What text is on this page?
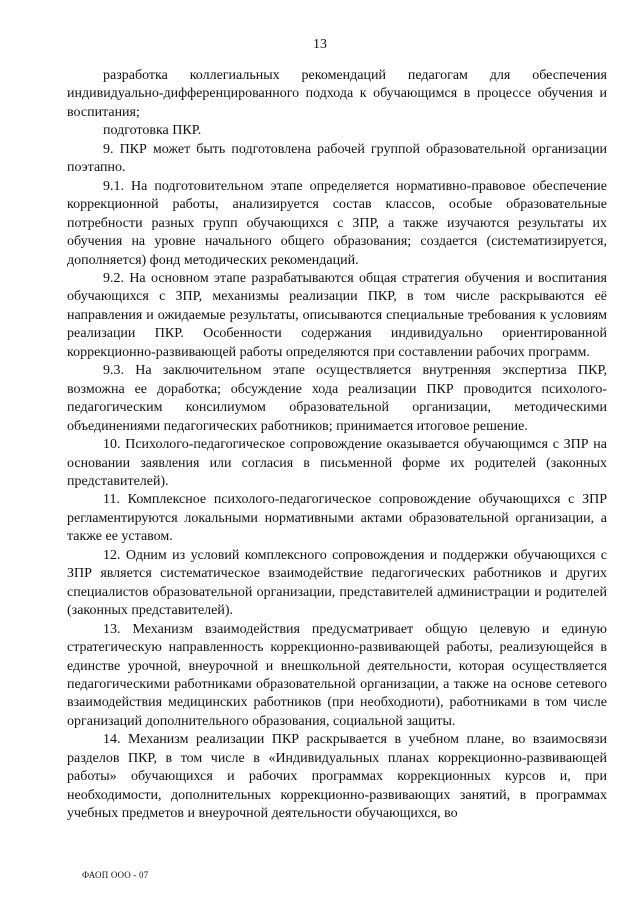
13

разработка коллегиальных рекомендаций педагогам для обеспечения индивидуально-дифференцированного подхода к обучающимся в процессе обучения и воспитания;

подготовка ПКР.

9. ПКР может быть подготовлена рабочей группой образовательной организации поэтапно.

9.1. На подготовительном этапе определяется нормативно-правовое обеспечение коррекционной работы, анализируется состав классов, особые образовательные потребности разных групп обучающихся с ЗПР, а также изучаются результаты их обучения на уровне начального общего образования; создается (систематизируется, дополняется) фонд методических рекомендаций.

9.2. На основном этапе разрабатываются общая стратегия обучения и воспитания обучающихся с ЗПР, механизмы реализации ПКР, в том числе раскрываются её направления и ожидаемые результаты, описываются специальные требования к условиям реализации ПКР. Особенности содержания индивидуально ориентированной коррекционно-развивающей работы определяются при составлении рабочих программ.

9.3. На заключительном этапе осуществляется внутренняя экспертиза ПКР, возможна ее доработка; обсуждение хода реализации ПКР проводится психолого-педагогическим консилиумом образовательной организации, методическими объединениями педагогических работников; принимается итоговое решение.

10. Психолого-педагогическое сопровождение оказывается обучающимся с ЗПР на основании заявления или согласия в письменной форме их родителей (законных представителей).

11. Комплексное психолого-педагогическое сопровождение обучающихся с ЗПР регламентируются локальными нормативными актами образовательной организации, а также ее уставом.

12. Одним из условий комплексного сопровождения и поддержки обучающихся с ЗПР является систематическое взаимодействие педагогических работников и других специалистов образовательной организации, представителей администрации и родителей (законных представителей).

13. Механизм взаимодействия предусматривает общую целевую и единую стратегическую направленность коррекционно-развивающей работы, реализующейся в единстве урочной, внеурочной и внешкольной деятельности, которая осуществляется педагогическими работниками образовательной организации, а также на основе сетевого взаимодействия медицинских работников (при необходиоти), работниками в том числе организаций дополнительного образования, социальной защиты.

14. Механизм реализации ПКР раскрывается в учебном плане, во взаимосвязи разделов ПКР, в том числе в «Индивидуальных планах коррекционно-развивающей работы» обучающихся и рабочих программах коррекционных курсов и, при необходимости, дополнительных коррекционно-развивающих занятий, в программах учебных предметов и внеурочной деятельности обучающихся, во

ФАОП ООО - 07
